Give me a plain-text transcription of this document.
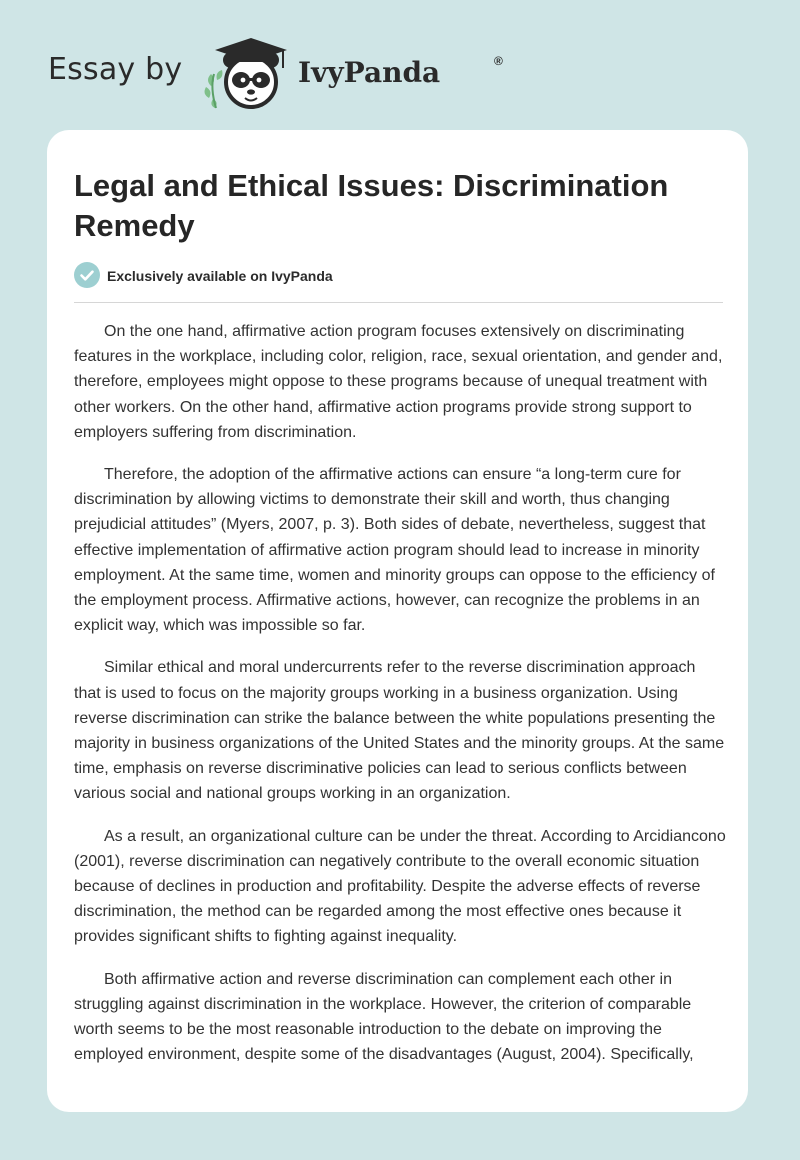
Essay by	IvyPanda	®
Legal and Ethical Issues: Discrimination Remedy
Exclusively available on IvyPanda

On the one hand, affirmative action program focuses extensively on discriminating features in the workplace, including color, religion, race, sexual orientation, and gender and, therefore, employees might oppose to these programs because of unequal treatment with other workers. On the other hand, affirmative action programs provide strong support to employers suffering from discrimination.

Therefore, the adoption of the affirmative actions can ensure “a long-term cure for discrimination by allowing victims to demonstrate their skill and worth, thus changing prejudicial attitudes” (Myers, 2007, p. 3). Both sides of debate, nevertheless, suggest that effective implementation of affirmative action program should lead to increase in minority employment. At the same time, women and minority groups can oppose to the efficiency of the employment process. Affirmative actions, however, can recognize the problems in an explicit way, which was impossible so far.

Similar ethical and moral undercurrents refer to the reverse discrimination approach that is used to focus on the majority groups working in a business organization. Using reverse discrimination can strike the balance between the white populations presenting the majority in business organizations of the United States and the minority groups. At the same time, emphasis on reverse discriminative policies can lead to serious conflicts between various social and national groups working in an organization.

As a result, an organizational culture can be under the threat. According to Arcidiancono (2001), reverse discrimination can negatively contribute to the overall economic situation because of declines in production and profitability. Despite the adverse effects of reverse discrimination, the method can be regarded among the most effective ones because it provides significant shifts to fighting against inequality.

Both affirmative action and reverse discrimination can complement each other in struggling against discrimination in the workplace. However, the criterion of comparable worth seems to be the most reasonable introduction to the debate on improving the employed environment, despite some of the disadvantages (August, 2004). Specifically,
